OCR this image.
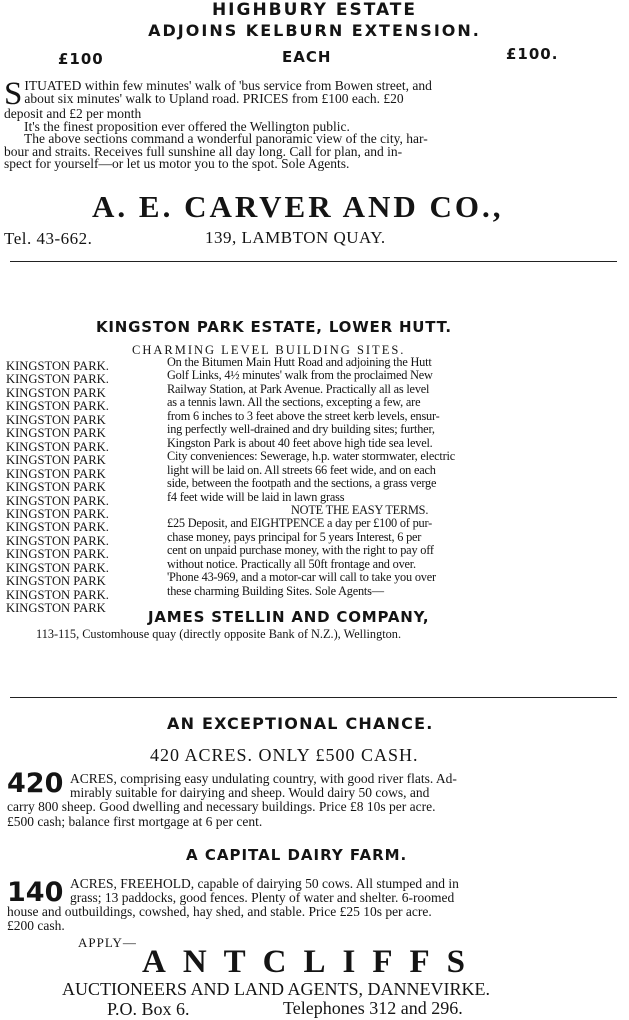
HIGHBURY ESTATE
ADJOINS KELBURN EXTENSION.
£100	EACH	£100.
S ITUATED within few minutes' walk of 'bus service from Bowen street, and
about six minutes' walk to Upland road. PRICES from £100 each. £20
deposit and £2 per month
It's the finest proposition ever offered the Wellington public.
The above sections command a wonderful panoramic view of the city, har-
bour and straits. Receives full sunshine all day long. Call for plan, and in-
spect for yourself—or let us motor you to the spot. Sole Agents.
A. E. CARVER AND CO.,
Tel. 43-662.	139, LAMBTON QUAY.
KINGSTON PARK ESTATE, LOWER HUTT.
CHARMING LEVEL BUILDING SITES.
KINGSTON PARK.
KINGSTON PARK.
KINGSTON PARK
KINGSTON PARK.
KINGSTON PARK
KINGSTON PARK
KINGSTON PARK.
KINGSTON PARK
KINGSTON PARK
KINGSTON PARK
KINGSTON PARK.
KINGSTON PARK.
KINGSTON PARK.
KINGSTON PARK.
KINGSTON PARK.
KINGSTON PARK.
KINGSTON PARK
KINGSTON PARK.
KINGSTON PARK
On the Bitumen Main Hutt Road and adjoining the Hutt
Golf Links, 4½ minutes' walk from the proclaimed New
Railway Station, at Park Avenue. Practically all as level
as a tennis lawn. All the sections, excepting a few, are
from 6 inches to 3 feet above the street kerb levels, ensur-
ing perfectly well-drained and dry building sites; further,
Kingston Park is about 40 feet above high tide sea level.
City conveniences: Sewerage, h.p. water stormwater, electric
light will be laid on. All streets 66 feet wide, and on each
side, between the footpath and the sections, a grass verge
f4 feet wide will be laid in lawn grass
NOTE THE EASY TERMS.
£25 Deposit, and EIGHTPENCE a day per £100 of pur-
chase money, pays principal for 5 years Interest, 6 per
cent on unpaid purchase money, with the right to pay off
without notice. Practically all 50ft frontage and over.
'Phone 43-969, and a motor-car will call to take you over
these charming Building Sites. Sole Agents—
JAMES STELLIN AND COMPANY,
113-115, Customhouse quay (directly opposite Bank of N.Z.), Wellington.
AN EXCEPTIONAL CHANCE.
420 ACRES. ONLY £500 CASH.
420 ACRES, comprising easy undulating country, with good river flats. Ad-
mirably suitable for dairying and sheep. Would dairy 50 cows, and
carry 800 sheep. Good dwelling and necessary buildings. Price £8 10s per acre.
£500 cash; balance first mortgage at 6 per cent.
A CAPITAL DAIRY FARM.
140 ACRES, FREEHOLD, capable of dairying 50 cows. All stumped and in
grass; 13 paddocks, good fences. Plenty of water and shelter. 6-roomed
house and outbuildings, cowshed, hay shed, and stable. Price £25 10s per acre.
£200 cash.
APPLY—
ANTCLIFFS
AUCTIONEERS AND LAND AGENTS, DANNEVIRKE.
P.O. Box 6.	Telephones 312 and 296.
